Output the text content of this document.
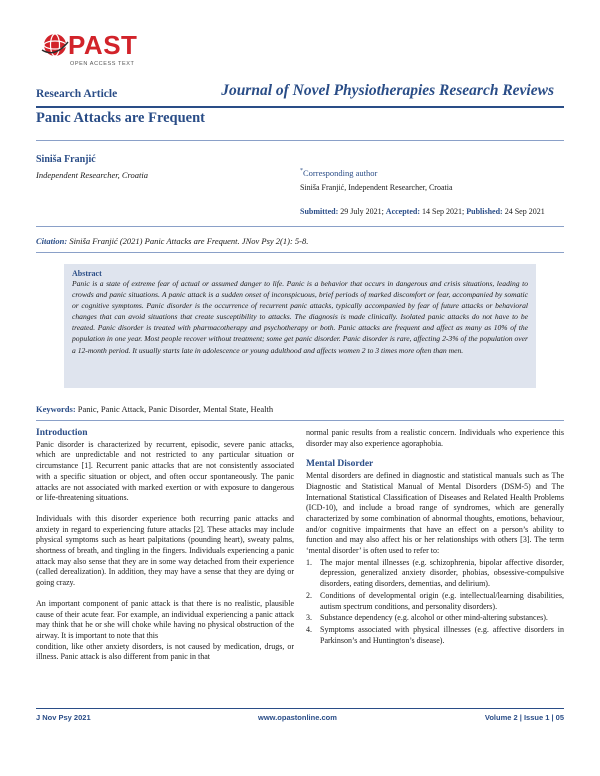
PAST
OPEN ACCESS TEXT
Research Article	Journal of Novel Physiotherapies Research Reviews
Panic Attacks are Frequent
Siniša Franjić
Independent Researcher, Croatia	*Corresponding author
Siniša Franjić, Independent Researcher, Croatia
Submitted: 29 July 2021; Accepted: 14 Sep 2021; Published: 24 Sep 2021
Citation: Siniša Franjić (2021) Panic Attacks are Frequent. JNov Psy 2(1): 5-8.
Abstract
Panic is a state of extreme fear of actual or assumed danger to life. Panic is a behavior that occurs in dangerous and crisis situations, leading to crowds and panic situations. A panic attack is a sudden onset of inconspicuous, brief periods of marked discomfort or fear, accompanied by somatic or cognitive symptoms. Panic disorder is the occurrence of recurrent panic attacks, typically accompanied by fear of future attacks or behavioral changes that can avoid situations that create susceptibility to attacks. The diagnosis is made clinically. Isolated panic attacks do not have to be treated. Panic disorder is treated with pharmacotherapy and psychotherapy or both. Panic attacks are frequent and affect as many as 10% of the population in one year. Most people recover without treatment; some get panic disorder. Panic disorder is rare, affecting 2-3% of the population over a 12-month period. It usually starts late in adolescence or young adulthood and affects women 2 to 3 times more often than men.
Keywords: Panic, Panic Attack, Panic Disorder, Mental State, Health
Introduction
Panic disorder is characterized by recurrent, episodic, severe panic attacks, which are unpredictable and not restricted to any particular situation or circumstance [1]. Recurrent panic attacks that are not consistently associated with a specific situation or object, and often occur spontaneously. The panic attacks are not associated with marked exertion or with exposure to dangerous or life-threatening situations.
Individuals with this disorder experience both recurring panic attacks and anxiety in regard to experiencing future attacks [2]. These attacks may include physical symptoms such as heart palpitations (pounding heart), sweaty palms, shortness of breath, and tingling in the fingers. Individuals experiencing a panic attack may also sense that they are in some way detached from their experience (called derealization). In addition, they may have a sense that they are dying or going crazy.
An important component of panic attack is that there is no realistic, plausible cause of their acute fear. For example, an individual experiencing a panic attack may think that he or she will choke while having no physical obstruction of the airway. It is important to note that this
condition, like other anxiety disorders, is not caused by medication, drugs, or illness. Panic attack is also different from panic in that
normal panic results from a realistic concern. Individuals who experience this disorder may also experience agoraphobia.
Mental Disorder
Mental disorders are defined in diagnostic and statistical manuals such as The Diagnostic and Statistical Manual of Mental Disorders (DSM-5) and The International Statistical Classification of Diseases and Related Health Problems (ICD-10), and include a broad range of syndromes, which are generally characterized by some combination of abnormal thoughts, emotions, behaviour, and/or cognitive impairments that have an effect on a person’s ability to function and may also affect his or her relationships with others [3]. The term ‘mental disorder’ is often used to refer to:
1. The major mental illnesses (e.g. schizophrenia, bipolar affective disorder, depression, generalized anxiety disorder, phobias, obsessive-compulsive disorders, eating disorders, dementias, and delirium).
2. Conditions of developmental origin (e.g. intellectual/learning disabilities, autism spectrum conditions, and personality disorders).
3. Substance dependency (e.g. alcohol or other mind-altering substances).
4. Symptoms associated with physical illnesses (e.g. affective disorders in Parkinson’s and Huntington’s disease).
J Nov Psy 2021	www.opastonline.com	Volume 2 | Issue 1 | 05
